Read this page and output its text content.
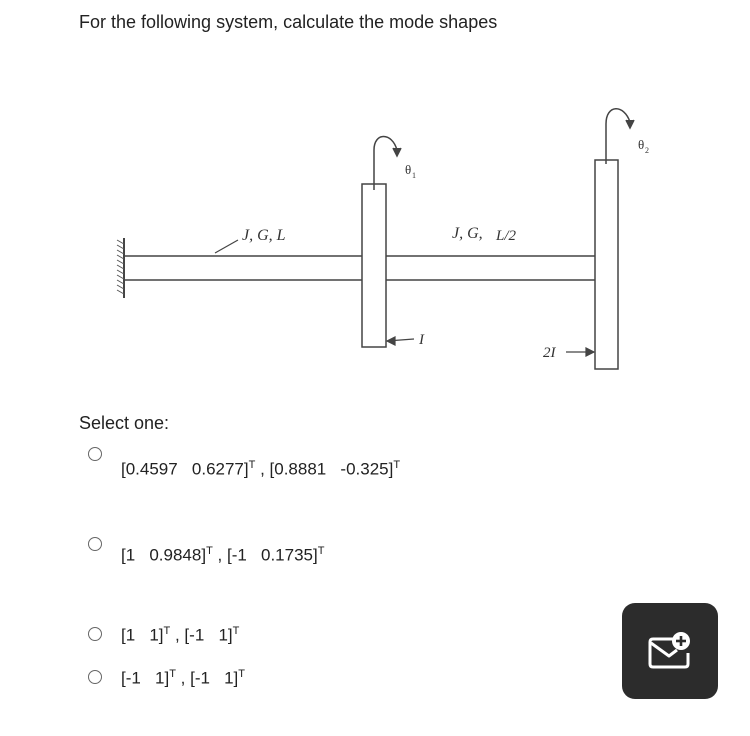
For the following system, calculate the mode shapes
J, G, L	J, G, L/2
I
2I
θ 1
θ 2
Select one:
[0.4597   0.6277]$^T$ , [0.8881   -0.325]$^T$
[1   0.9848]$^T$ , [-1   0.1735]$^T$
[1   1]$^T$ , [-1   1]$^T$
[-1   1]$^T$ , [-1   1]$^T$
